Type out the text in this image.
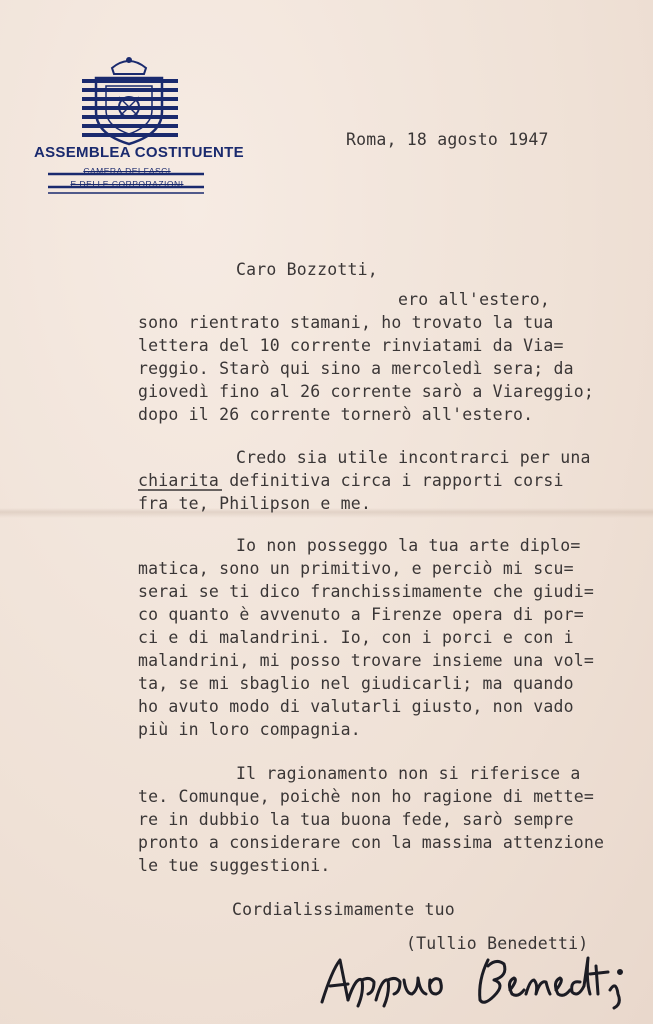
ASSEMBLEA COSTITUENTE
CAMERA DEI FASCI
E DELLE CORPORAZIONI
Roma, 18 agosto 1947
Caro Bozzotti,
ero all'estero,
sono rientrato stamani, ho trovato la tua
lettera del 10 corrente rinviatami da Via=
reggio. Starò qui sino a mercoledì sera; da
giovedì fino al 26 corrente sarò a Viareggio;
dopo il 26 corrente tornerò all'estero.
Credo sia utile incontrarci per una
chiarita definitiva circa i rapporti corsi
fra te, Philipson e me.
Io non posseggo la tua arte diplo=
matica, sono un primitivo, e perciò mi scu=
serai se ti dico franchissimamente che giudi=
co quanto è avvenuto a Firenze opera di por=
ci e di malandrini. Io, con i porci e con i
malandrini, mi posso trovare insieme una vol=
ta, se mi sbaglio nel giudicarli; ma quando
ho avuto modo di valutarli giusto, non vado
più in loro compagnia.
Il ragionamento non si riferisce a
te. Comunque, poichè non ho ragione di mette=
re in dubbio la tua buona fede, sarò sempre
pronto a considerare con la massima attenzione
le tue suggestioni.
Cordialissimamente tuo
(Tullio Benedetti)
